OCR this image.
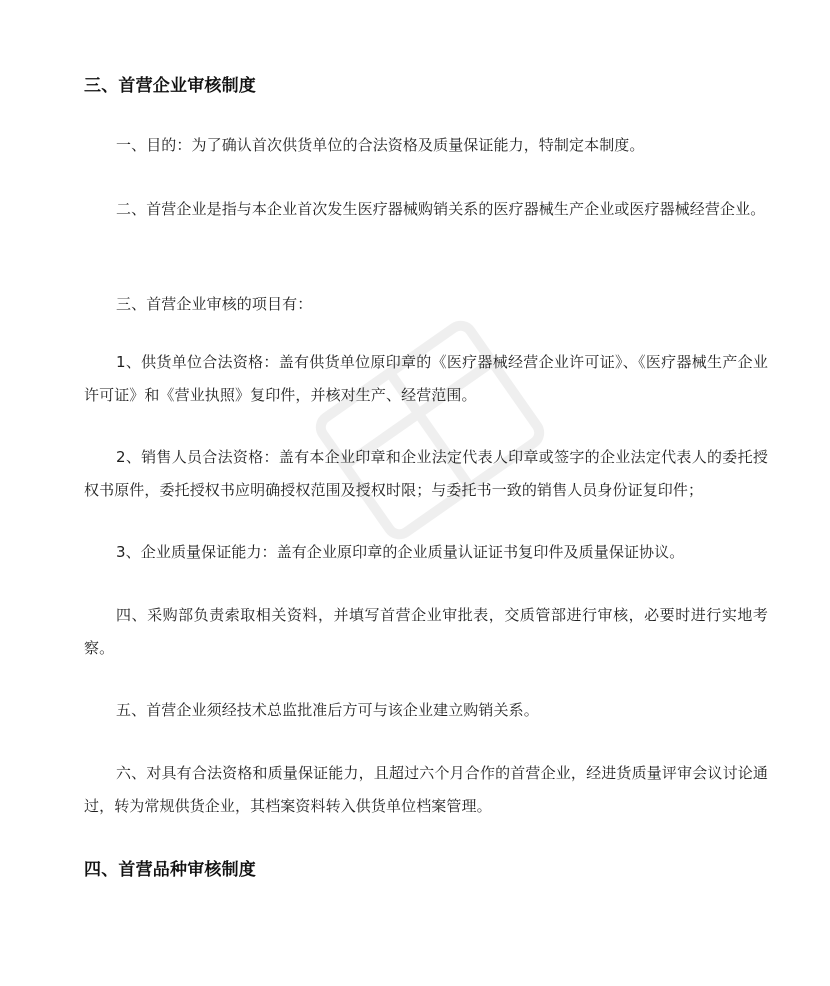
三、首营企业审核制度

一、目的：为了确认首次供货单位的合法资格及质量保证能力，特制定本制度。

二、首营企业是指与本企业首次发生医疗器械购销关系的医疗器械生产企业或医疗器械经营企业。

三、首营企业审核的项目有：

1、供货单位合法资格：盖有供货单位原印章的《医疗器械经营企业许可证》、《医疗器械生产企业许可证》和《营业执照》复印件，并核对生产、经营范围。

2、销售人员合法资格：盖有本企业印章和企业法定代表人印章或签字的企业法定代表人的委托授权书原件，委托授权书应明确授权范围及授权时限；与委托书一致的销售人员身份证复印件；

3、企业质量保证能力：盖有企业原印章的企业质量认证证书复印件及质量保证协议。

四、采购部负责索取相关资料，并填写首营企业审批表，交质管部进行审核，必要时进行实地考察。

五、首营企业须经技术总监批准后方可与该企业建立购销关系。

六、对具有合法资格和质量保证能力，且超过六个月合作的首营企业，经进货质量评审会议讨论通过，转为常规供货企业，其档案资料转入供货单位档案管理。

四、首营品种审核制度
